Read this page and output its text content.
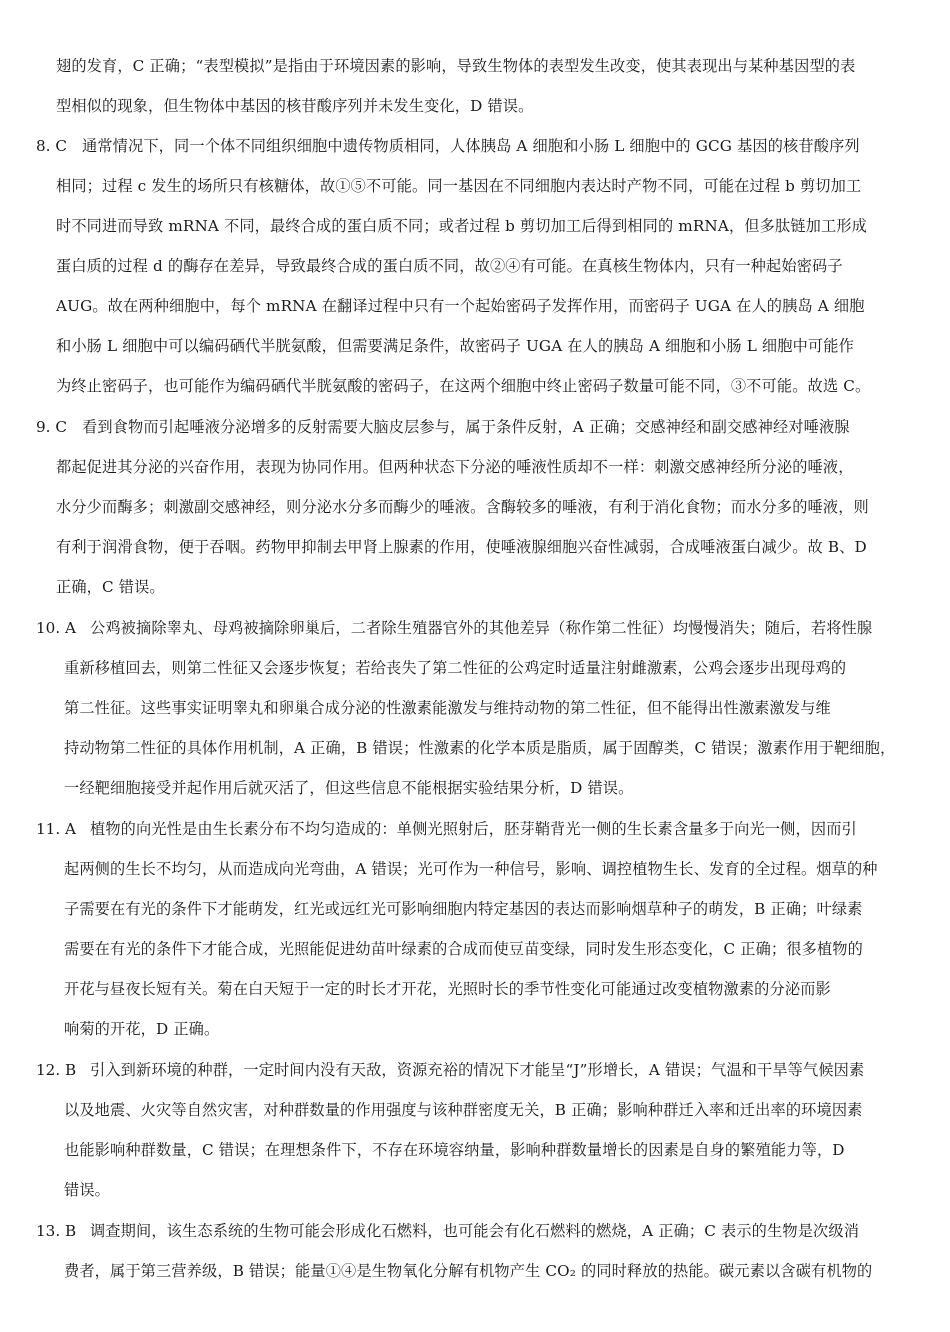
翅的发育，C 正确；“表型模拟”是指由于环境因素的影响，导致生物体的表型发生改变，使其表现出与某种基因型的表
型相似的现象，但生物体中基因的核苷酸序列并未发生变化，D 错误。
8. C 通常情况下，同一个体不同组织细胞中遗传物质相同，人体胰岛 A 细胞和小肠 L 细胞中的 GCG 基因的核苷酸序列
相同；过程 c 发生的场所只有核糖体，故①⑤不可能。同一基因在不同细胞内表达时产物不同，可能在过程 b 剪切加工
时不同进而导致 mRNA 不同，最终合成的蛋白质不同；或者过程 b 剪切加工后得到相同的 mRNA，但多肽链加工形成
蛋白质的过程 d 的酶存在差异，导致最终合成的蛋白质不同，故②④有可能。在真核生物体内，只有一种起始密码子
AUG。故在两种细胞中，每个 mRNA 在翻译过程中只有一个起始密码子发挥作用，而密码子 UGA 在人的胰岛 A 细胞
和小肠 L 细胞中可以编码硒代半胱氨酸，但需要满足条件，故密码子 UGA 在人的胰岛 A 细胞和小肠 L 细胞中可能作
为终止密码子，也可能作为编码硒代半胱氨酸的密码子，在这两个细胞中终止密码子数量可能不同，③不可能。故选 C。
9. C 看到食物而引起唾液分泌增多的反射需要大脑皮层参与，属于条件反射，A 正确；交感神经和副交感神经对唾液腺
都起促进其分泌的兴奋作用，表现为协同作用。但两种状态下分泌的唾液性质却不一样：刺激交感神经所分泌的唾液，
水分少而酶多；刺激副交感神经，则分泌水分多而酶少的唾液。含酶较多的唾液，有利于消化食物；而水分多的唾液，则
有利于润滑食物，便于吞咽。药物甲抑制去甲肾上腺素的作用，使唾液腺细胞兴奋性减弱，合成唾液蛋白减少。故 B、D
正确，C 错误。
10. A 公鸡被摘除睾丸、母鸡被摘除卵巢后，二者除生殖器官外的其他差异（称作第二性征）均慢慢消失；随后，若将性腺
重新移植回去，则第二性征又会逐步恢复；若给丧失了第二性征的公鸡定时适量注射雌激素，公鸡会逐步出现母鸡的
第二性征。这些事实证明睾丸和卵巢合成分泌的性激素能激发与维持动物的第二性征，但不能得出性激素激发与维
持动物第二性征的具体作用机制，A 正确，B 错误；性激素的化学本质是脂质，属于固醇类，C 错误；激素作用于靶细胞，
一经靶细胞接受并起作用后就灭活了，但这些信息不能根据实验结果分析，D 错误。
11. A 植物的向光性是由生长素分布不均匀造成的：单侧光照射后，胚芽鞘背光一侧的生长素含量多于向光一侧，因而引
起两侧的生长不均匀，从而造成向光弯曲，A 错误；光可作为一种信号，影响、调控植物生长、发育的全过程。烟草的种
子需要在有光的条件下才能萌发，红光或远红光可影响细胞内特定基因的表达而影响烟草种子的萌发，B 正确；叶绿素
需要在有光的条件下才能合成，光照能促进幼苗叶绿素的合成而使豆苗变绿，同时发生形态变化，C 正确；很多植物的
开花与昼夜长短有关。菊在白天短于一定的时长才开花，光照时长的季节性变化可能通过改变植物激素的分泌而影
响菊的开花，D 正确。
12. B 引入到新环境的种群，一定时间内没有天敌，资源充裕的情况下才能呈“J”形增长，A 错误；气温和干旱等气候因素
以及地震、火灾等自然灾害，对种群数量的作用强度与该种群密度无关，B 正确；影响种群迁入率和迁出率的环境因素
也能影响种群数量，C 错误；在理想条件下，不存在环境容纳量，影响种群数量增长的因素是自身的繁殖能力等，D
错误。
13. B 调查期间，该生态系统的生物可能会形成化石燃料，也可能会有化石燃料的燃烧，A 正确；C 表示的生物是次级消
费者，属于第三营养级，B 错误；能量①④是生物氧化分解有机物产生 CO₂ 的同时释放的热能。碳元素以含碳有机物的
